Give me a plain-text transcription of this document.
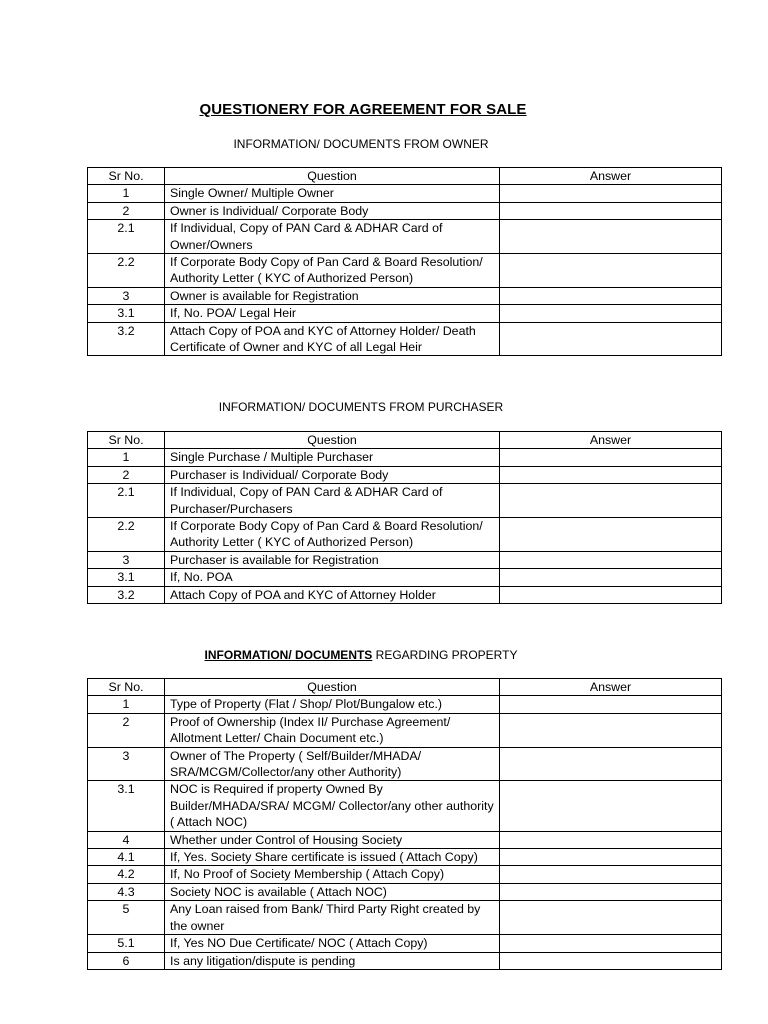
QUESTIONERY FOR AGREEMENT FOR SALE
INFORMATION/ DOCUMENTS FROM OWNER
Sr No.	Question	Answer
1	Single Owner/ Multiple Owner	
2	Owner is Individual/ Corporate Body	
2.1	If Individual, Copy of PAN Card & ADHAR Card of Owner/Owners	
2.2	If Corporate Body Copy of Pan Card & Board Resolution/ Authority Letter ( KYC of Authorized Person)	
3	Owner is available for Registration	
3.1	If, No. POA/ Legal Heir	
3.2	Attach Copy of POA and KYC of Attorney Holder/ Death Certificate of Owner and KYC of all Legal Heir	
INFORMATION/ DOCUMENTS FROM PURCHASER
Sr No.	Question	Answer
1	Single Purchase / Multiple Purchaser	
2	Purchaser is Individual/ Corporate Body	
2.1	If Individual, Copy of PAN Card & ADHAR Card of Purchaser/Purchasers	
2.2	If Corporate Body Copy of Pan Card & Board Resolution/ Authority Letter ( KYC of Authorized Person)	
3	Purchaser is available for Registration	
3.1	If, No. POA	
3.2	Attach Copy of POA and KYC of Attorney Holder	
INFORMATION/ DOCUMENTS REGARDING PROPERTY
Sr No.	Question	Answer
1	Type of Property (Flat / Shop/ Plot/Bungalow etc.)	
2	Proof of Ownership (Index II/ Purchase Agreement/ Allotment Letter/ Chain Document etc.)	
3	Owner of The Property ( Self/Builder/MHADA/ SRA/MCGM/Collector/any other Authority)	
3.1	NOC is Required if property Owned By Builder/MHADA/SRA/ MCGM/ Collector/any other authority ( Attach NOC)	
4	Whether under Control of Housing Society	
4.1	If, Yes. Society Share certificate is issued ( Attach Copy)	
4.2	If, No Proof of Society Membership ( Attach Copy)	
4.3	Society NOC is available ( Attach NOC)	
5	Any Loan raised from Bank/ Third Party Right created by the owner	
5.1	If, Yes NO Due Certificate/ NOC ( Attach Copy)	
6	Is any litigation/dispute is pending	
